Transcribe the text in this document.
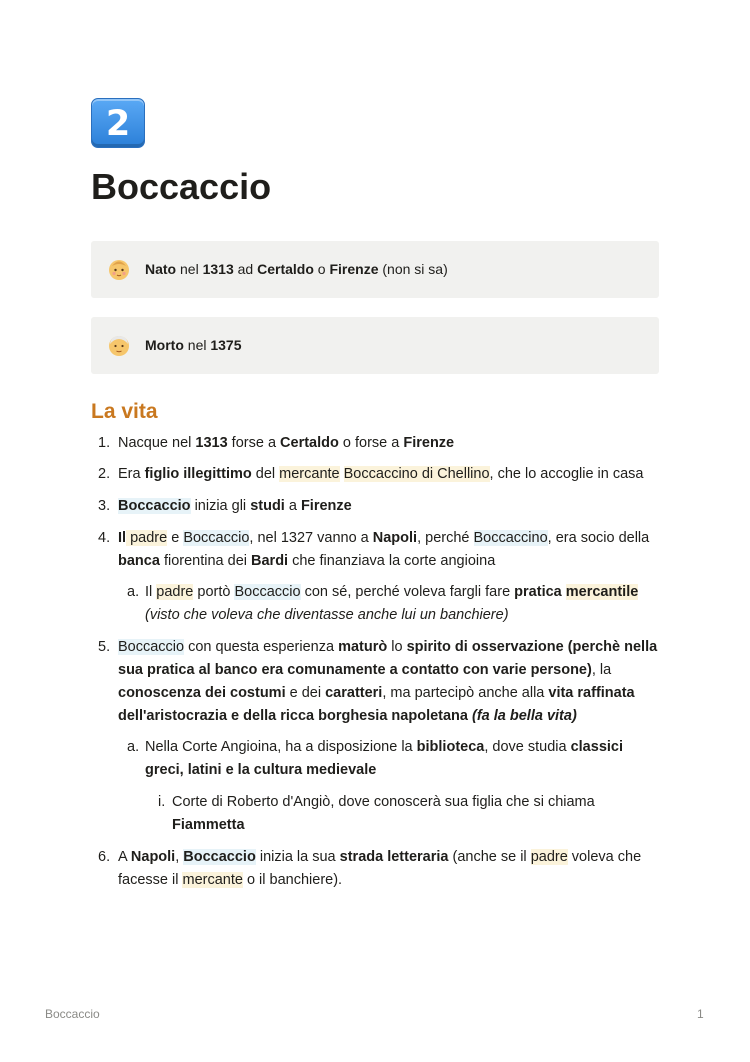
2
Boccaccio
Nato nel 1313 ad Certaldo o Firenze (non si sa)
Morto nel 1375
La vita
1. Nacque nel 1313 forse a Certaldo o forse a Firenze
2. Era figlio illegittimo del mercante Boccaccino di Chellino, che lo accoglie in casa
3. Boccaccio inizia gli studi a Firenze
4. Il padre e Boccaccio, nel 1327 vanno a Napoli, perché Boccaccino, era socio della banca fiorentina dei Bardi che finanziava la corte angioina
a. Il padre portò Boccaccio con sé, perché voleva fargli fare pratica mercantile (visto che voleva che diventasse anche lui un banchiere)
5. Boccaccio con questa esperienza maturò lo spirito di osservazione (perchè nella sua pratica al banco era comunamente a contatto con varie persone), la conoscenza dei costumi e dei caratteri, ma partecipò anche alla vita raffinata dell'aristocrazia e della ricca borghesia napoletana (fa la bella vita)
a. Nella Corte Angioina, ha a disposizione la biblioteca, dove studia classici greci, latini e la cultura medievale
i. Corte di Roberto d'Angiò, dove conoscerà sua figlia che si chiama Fiammetta
6. A Napoli, Boccaccio inizia la sua strada letteraria (anche se il padre voleva che facesse il mercante o il banchiere).
Boccaccio	1
